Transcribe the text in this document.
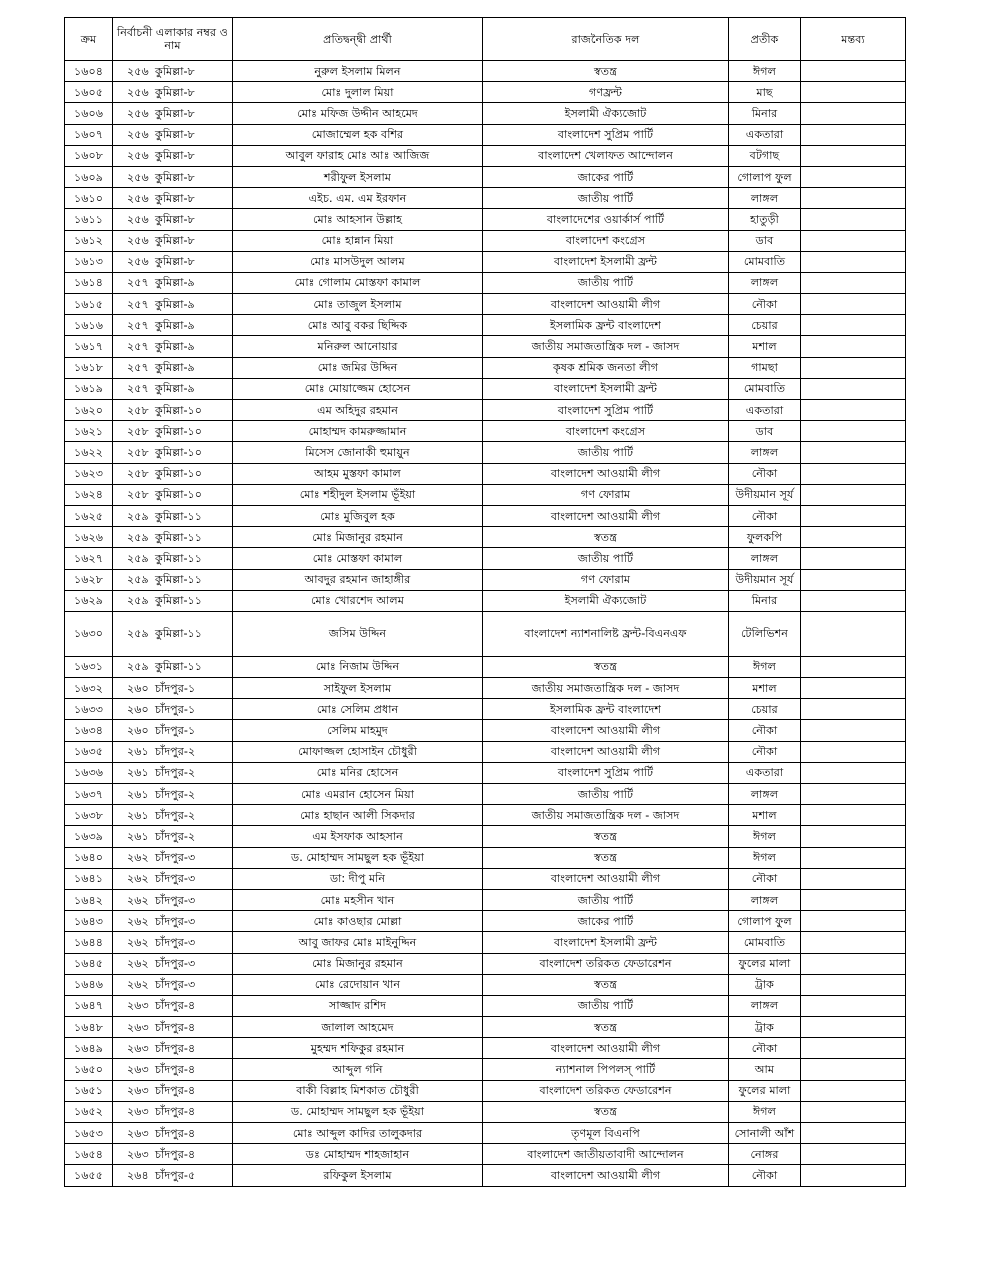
ক্রম	নির্বাচনী এলাকার নম্বর ও নাম	প্রতিদ্বন্দ্বী প্রার্থী	রাজনৈতিক দল	প্রতীক	মন্তব্য
১৬০৪	২৫৬ কুমিল্লা-৮	নুরুল ইসলাম মিলন	স্বতন্ত্র	ঈগল	
১৬০৫	২৫৬ কুমিল্লা-৮	মোঃ দুলাল মিয়া	গণফ্রন্ট	মাছ	
১৬০৬	২৫৬ কুমিল্লা-৮	মোঃ মফিজ উদ্দীন আহমেদ	ইসলামী ঐক্যজোট	মিনার	
১৬০৭	২৫৬ কুমিল্লা-৮	মোজাম্মেল হক বশির	বাংলাদেশ সুপ্রিম পার্টি	একতারা	
১৬০৮	২৫৬ কুমিল্লা-৮	আবুল ফারাহ মোঃ আঃ আজিজ	বাংলাদেশ খেলাফত আন্দোলন	বটগাছ	
১৬০৯	২৫৬ কুমিল্লা-৮	শরীফুল ইসলাম	জাকের পার্টি	গোলাপ ফুল	
১৬১০	২৫৬ কুমিল্লা-৮	এইচ. এম. এম ইরফান	জাতীয় পার্টি	লাঙ্গল	
১৬১১	২৫৬ কুমিল্লা-৮	মোঃ আহসান উল্লাহ	বাংলাদেশের ওয়ার্কার্স পার্টি	হাতুড়ী	
১৬১২	২৫৬ কুমিল্লা-৮	মোঃ হান্নান মিয়া	বাংলাদেশ কংগ্রেস	ডাব	
১৬১৩	২৫৬ কুমিল্লা-৮	মোঃ মাসউদুল আলম	বাংলাদেশ ইসলামী ফ্রন্ট	মোমবাতি	
১৬১৪	২৫৭ কুমিল্লা-৯	মোঃ গোলাম মোস্তফা কামাল	জাতীয় পার্টি	লাঙ্গল	
১৬১৫	২৫৭ কুমিল্লা-৯	মোঃ তাজুল ইসলাম	বাংলাদেশ আওয়ামী লীগ	নৌকা	
১৬১৬	২৫৭ কুমিল্লা-৯	মোঃ আবু বকর ছিদ্দিক	ইসলামিক ফ্রন্ট বাংলাদেশ	চেয়ার	
১৬১৭	২৫৭ কুমিল্লা-৯	মনিরুল আনোয়ার	জাতীয় সমাজতান্ত্রিক দল - জাসদ	মশাল	
১৬১৮	২৫৭ কুমিল্লা-৯	মোঃ জমির উদ্দিন	কৃষক শ্রমিক জনতা লীগ	গামছা	
১৬১৯	২৫৭ কুমিল্লা-৯	মোঃ মোয়াজ্জেম হোসেন	বাংলাদেশ ইসলামী ফ্রন্ট	মোমবাতি	
১৬২০	২৫৮ কুমিল্লা-১০	এম অহিদুর রহমান	বাংলাদেশ সুপ্রিম পার্টি	একতারা	
১৬২১	২৫৮ কুমিল্লা-১০	মোহাম্মদ কামরুজ্জামান	বাংলাদেশ কংগ্রেস	ডাব	
১৬২২	২৫৮ কুমিল্লা-১০	মিসেস জোনাকী হুমায়ুন	জাতীয় পার্টি	লাঙ্গল	
১৬২৩	২৫৮ কুমিল্লা-১০	আহম মুস্তফা কামাল	বাংলাদেশ আওয়ামী লীগ	নৌকা	
১৬২৪	২৫৮ কুমিল্লা-১০	মোঃ শহীদুল ইসলাম ভূঁইয়া	গণ ফোরাম	উদীয়মান সূর্য	
১৬২৫	২৫৯ কুমিল্লা-১১	মোঃ মুজিবুল হক	বাংলাদেশ আওয়ামী লীগ	নৌকা	
১৬২৬	২৫৯ কুমিল্লা-১১	মোঃ মিজানুর রহমান	স্বতন্ত্র	ফুলকপি	
১৬২৭	২৫৯ কুমিল্লা-১১	মোঃ মোস্তফা কামাল	জাতীয় পার্টি	লাঙ্গল	
১৬২৮	২৫৯ কুমিল্লা-১১	আবদুর রহমান জাহাঙ্গীর	গণ ফোরাম	উদীয়মান সূর্য	
১৬২৯	২৫৯ কুমিল্লা-১১	মোঃ খোরশেদ আলম	ইসলামী ঐক্যজোট	মিনার	
১৬৩০	২৫৯ কুমিল্লা-১১	জসিম উদ্দিন	বাংলাদেশ ন্যাশনালিষ্ট ফ্রন্ট-বিএনএফ	টেলিভিশন	
১৬৩১	২৫৯ কুমিল্লা-১১	মোঃ নিজাম উদ্দিন	স্বতন্ত্র	ঈগল	
১৬৩২	২৬০ চাঁদপুর-১	সাইফুল ইসলাম	জাতীয় সমাজতান্ত্রিক দল - জাসদ	মশাল	
১৬৩৩	২৬০ চাঁদপুর-১	মোঃ সেলিম প্রধান	ইসলামিক ফ্রন্ট বাংলাদেশ	চেয়ার	
১৬৩৪	২৬০ চাঁদপুর-১	সেলিম মাহমুদ	বাংলাদেশ আওয়ামী লীগ	নৌকা	
১৬৩৫	২৬১ চাঁদপুর-২	মোফাজ্জল হোসাইন চৌধুরী	বাংলাদেশ আওয়ামী লীগ	নৌকা	
১৬৩৬	২৬১ চাঁদপুর-২	মোঃ মনির হোসেন	বাংলাদেশ সুপ্রিম পার্টি	একতারা	
১৬৩৭	২৬১ চাঁদপুর-২	মোঃ এমরান হোসেন মিয়া	জাতীয় পার্টি	লাঙ্গল	
১৬৩৮	২৬১ চাঁদপুর-২	মোঃ হাছান আলী সিকদার	জাতীয় সমাজতান্ত্রিক দল - জাসদ	মশাল	
১৬৩৯	২৬১ চাঁদপুর-২	এম ইসফাক আহসান	স্বতন্ত্র	ঈগল	
১৬৪০	২৬২ চাঁদপুর-৩	ড. মোহাম্মদ সামছুল হক ভূঁইয়া	স্বতন্ত্র	ঈগল	
১৬৪১	২৬২ চাঁদপুর-৩	ডা: দীপু মনি	বাংলাদেশ আওয়ামী লীগ	নৌকা	
১৬৪২	২৬২ চাঁদপুর-৩	মোঃ মহসীন খান	জাতীয় পার্টি	লাঙ্গল	
১৬৪৩	২৬২ চাঁদপুর-৩	মোঃ কাওছার মোল্লা	জাকের পার্টি	গোলাপ ফুল	
১৬৪৪	২৬২ চাঁদপুর-৩	আবু জাফর মোঃ মাইনুদ্দিন	বাংলাদেশ ইসলামী ফ্রন্ট	মোমবাতি	
১৬৪৫	২৬২ চাঁদপুর-৩	মোঃ মিজানুর রহমান	বাংলাদেশ তরিকত ফেডারেশন	ফুলের মালা	
১৬৪৬	২৬২ চাঁদপুর-৩	মোঃ রেদোয়ান খান	স্বতন্ত্র	ট্রাক	
১৬৪৭	২৬৩ চাঁদপুর-৪	সাজ্জাদ রশিদ	জাতীয় পার্টি	লাঙ্গল	
১৬৪৮	২৬৩ চাঁদপুর-৪	জালাল আহমেদ	স্বতন্ত্র	ট্রাক	
১৬৪৯	২৬৩ চাঁদপুর-৪	মুহম্মদ শফিকুর রহমান	বাংলাদেশ আওয়ামী লীগ	নৌকা	
১৬৫০	২৬৩ চাঁদপুর-৪	আব্দুল গনি	ন্যাশনাল পিপলস্ পার্টি	আম	
১৬৫১	২৬৩ চাঁদপুর-৪	বাকী বিল্লাহ মিশকাত চৌধুরী	বাংলাদেশ তরিকত ফেডারেশন	ফুলের মালা	
১৬৫২	২৬৩ চাঁদপুর-৪	ড. মোহাম্মদ সামছুল হক ভূঁইয়া	স্বতন্ত্র	ঈগল	
১৬৫৩	২৬৩ চাঁদপুর-৪	মোঃ আব্দুল কাদির তালুকদার	তৃণমূল বিএনপি	সোনালী আঁশ	
১৬৫৪	২৬৩ চাঁদপুর-৪	ডঃ মোহাম্মদ শাহজাহান	বাংলাদেশ জাতীয়তাবাদী আন্দোলন	নোঙ্গর	
১৬৫৫	২৬৪ চাঁদপুর-৫	রফিকুল ইসলাম	বাংলাদেশ আওয়ামী লীগ	নৌকা	
